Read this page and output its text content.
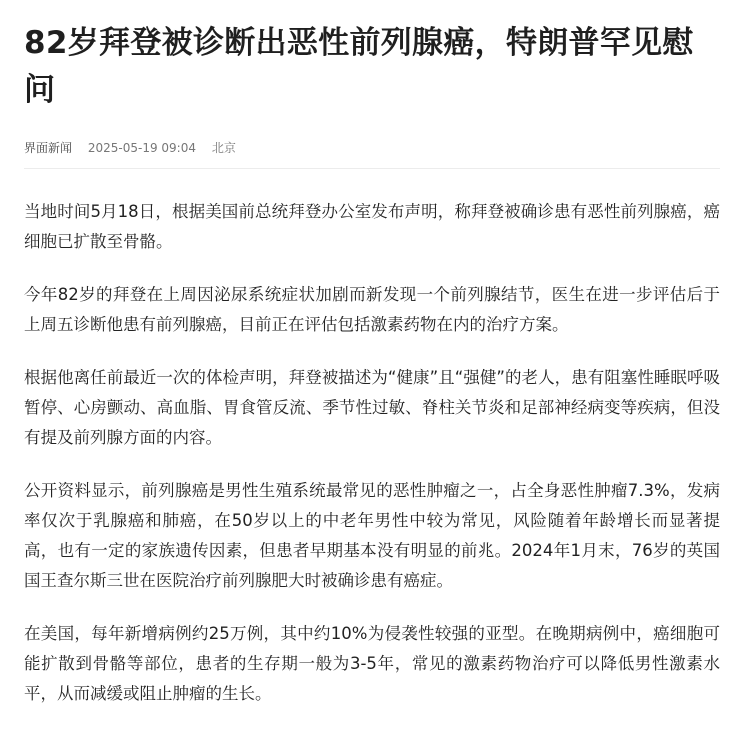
82岁拜登被诊断出恶性前列腺癌，特朗普罕见慰问
界面新闻 2025-05-19 09:04 北京

当地时间5月18日，根据美国前总统拜登办公室发布声明，称拜登被确诊患有恶性前列腺癌，癌细胞已扩散至骨骼。

今年82岁的拜登在上周因泌尿系统症状加剧而新发现一个前列腺结节，医生在进一步评估后于上周五诊断他患有前列腺癌，目前正在评估包括激素药物在内的治疗方案。

根据他离任前最近一次的体检声明，拜登被描述为“健康”且“强健”的老人，患有阻塞性睡眠呼吸暂停、心房颤动、高血脂、胃食管反流、季节性过敏、脊柱关节炎和足部神经病变等疾病，但没有提及前列腺方面的内容。

公开资料显示，前列腺癌是男性生殖系统最常见的恶性肿瘤之一，占全身恶性肿瘤7.3%，发病率仅次于乳腺癌和肺癌，在50岁以上的中老年男性中较为常见，风险随着年龄增长而显著提高，也有一定的家族遗传因素，但患者早期基本没有明显的前兆。2024年1月末，76岁的英国国王查尔斯三世在医院治疗前列腺肥大时被确诊患有癌症。

在美国，每年新增病例约25万例，其中约10%为侵袭性较强的亚型。在晚期病例中，癌细胞可能扩散到骨骼等部位，患者的生存期一般为3-5年，常见的激素药物治疗可以降低男性激素水平，从而减缓或阻止肿瘤的生长。
